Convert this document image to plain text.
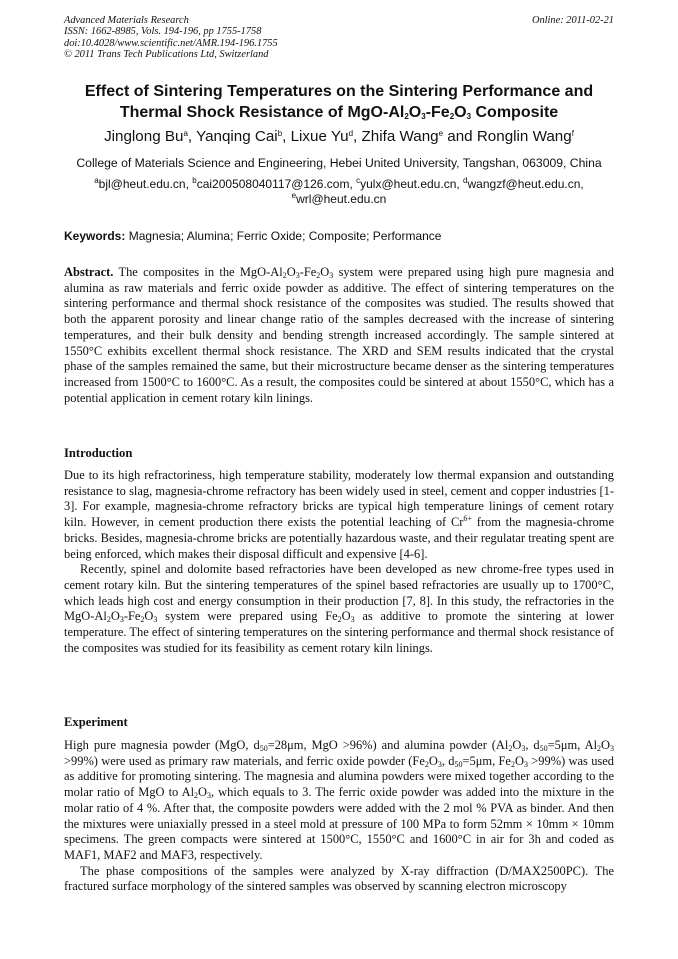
Advanced Materials Research
ISSN: 1662-8985, Vols. 194-196, pp 1755-1758
doi:10.4028/www.scientific.net/AMR.194-196.1755
© 2011 Trans Tech Publications Ltd, Switzerland
Online: 2011-02-21
Effect of Sintering Temperatures on the Sintering Performance and
Thermal Shock Resistance of MgO-$Al_2O_3-Fe_2O_3$ Composite
Jinglong Bu$^a$, Yanqing Cai$^b$, Lixue Yu$^d$, Zhifa Wang$^e$ and Ronglin Wang$^f$
College of Materials Science and Engineering, Hebei United University, Tangshan, 063009, China
$^a$bjl@heut.edu.cn, $^b$cai200508040117@126.com, $^c$yulx@heut.edu.cn, $^d$wangzf@heut.edu.cn,
$^e$wrl@heut.edu.cn
Keywords: Magnesia; Alumina; Ferric Oxide; Composite; Performance

Abstract. The composites in the MgO-$Al_2O_3-Fe_2O_3$ system were prepared using high pure magnesia and alumina as raw materials and ferric oxide powder as additive. The effect of sintering temperatures on the sintering performance and thermal shock resistance of the composites was studied. The results showed that both the apparent porosity and linear change ratio of the samples decreased with the increase of sintering temperatures, and their bulk density and bending strength increased accordingly. The sample sintered at 1550°C exhibits excellent thermal shock resistance. The XRD and SEM results indicated that the crystal phase of the samples remained the same, but their microstructure became denser as the sintering temperatures increased from 1500°C to 1600°C. As a result, the composites could be sintered at about 1550°C, which has a potential application in cement rotary kiln linings.

Introduction

Due to its high refractoriness, high temperature stability, moderately low thermal expansion and outstanding resistance to slag, magnesia-chrome refractory has been widely used in steel, cement and copper industries [1-3]. For example, magnesia-chrome refractory bricks are typical high temperature linings of cement rotary kiln. However, in cement production there exists the potential leaching of $Cr^{6+}$ from the magnesia-chrome bricks. Besides, magnesia-chrome bricks are potentially hazardous waste, and their regulatar treating spent are being enforced, which makes their disposal difficult and expensive [4-6].

Recently, spinel and dolomite based refractories have been developed as new chrome-free types used in cement rotary kiln. But the sintering temperatures of the spinel based refractories are usually up to 1700°C, which leads high cost and energy consumption in their production [7, 8]. In this study, the refractories in the MgO-$Al_2O_3-Fe_2O_3$ system were prepared using $Fe_2O_3$ as additive to promote the sintering at lower temperature. The effect of sintering temperatures on the sintering performance and thermal shock resistance of the composites was studied for its feasibility as cement rotary kiln linings.

Experiment

High pure magnesia powder (MgO, $d_{50}=28\mu m$, MgO >96%) and alumina powder ($Al_2O_3$, $d_{50}=5\mu m$, $Al_2O_3 >99\%$) were used as primary raw materials, and ferric oxide powder ($Fe_2O_3$, $d_{50}=5\mu m$, $Fe_2O_3 >99\%$) was used as additive for promoting sintering. The magnesia and alumina powders were mixed together according to the molar ratio of MgO to $Al_2O_3$, which equals to 3. The ferric oxide powder was added into the mixture in the molar ratio of 4 %. After that, the composite powders were added with the 2 mol % PVA as binder. And then the mixtures were uniaxially pressed in a steel mold at pressure of 100 MPa to form 52mm × 10mm × 10mm specimens. The green compacts were sintered at 1500°C, 1550°C and 1600°C in air for 3h and coded as MAF1, MAF2 and MAF3, respectively.

The phase compositions of the samples were analyzed by X-ray diffraction (D/MAX2500PC). The fractured surface morphology of the sintered samples was observed by scanning electron microscopy
